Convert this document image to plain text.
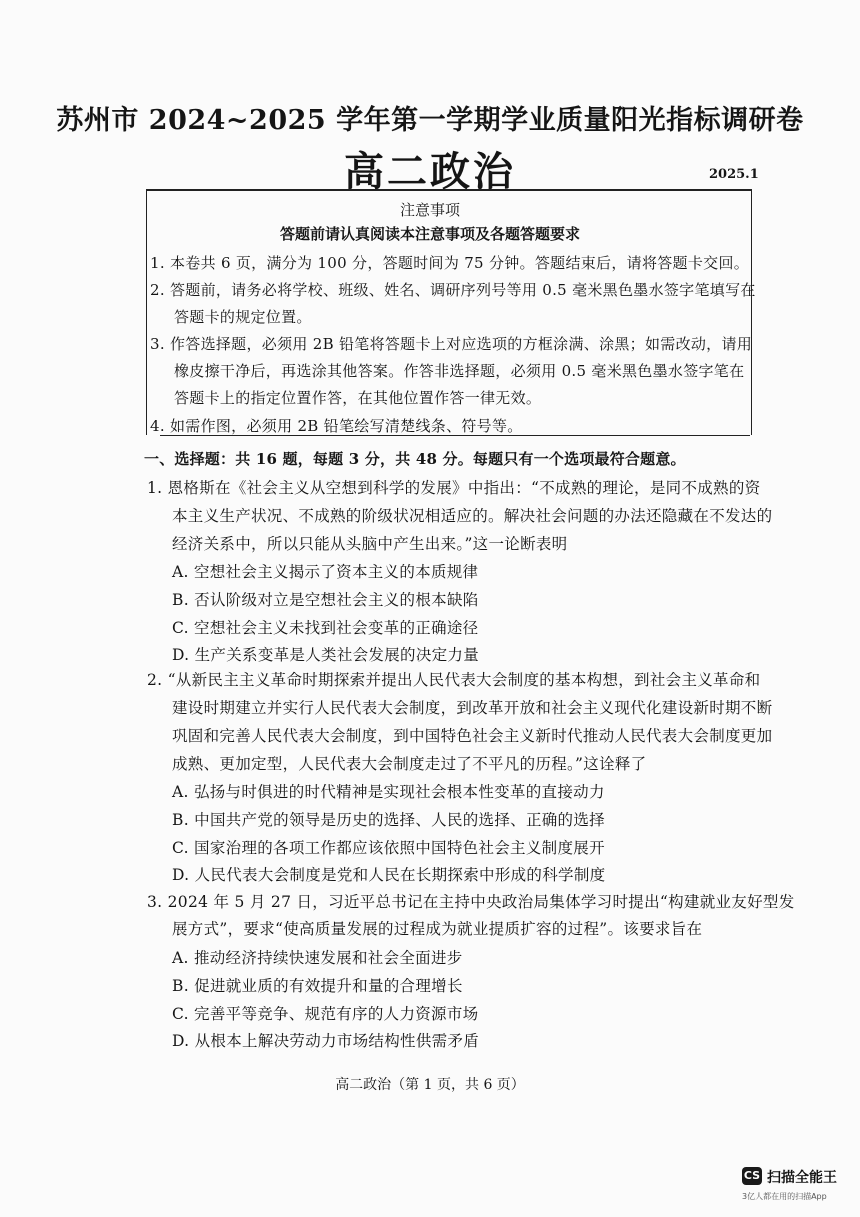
苏州市 2024~2025 学年第一学期学业质量阳光指标调研卷
高二政治	2025.1
注意事项
答题前请认真阅读本注意事项及各题答题要求
1. 本卷共 6 页，满分为 100 分，答题时间为 75 分钟。答题结束后，请将答题卡交回。
2. 答题前，请务必将学校、班级、姓名、调研序列号等用 0.5 毫米黑色墨水签字笔填写在
答题卡的规定位置。
3. 作答选择题，必须用 2B 铅笔将答题卡上对应选项的方框涂满、涂黑；如需改动，请用
橡皮擦干净后，再选涂其他答案。作答非选择题，必须用 0.5 毫米黑色墨水签字笔在
答题卡上的指定位置作答，在其他位置作答一律无效。
4. 如需作图，必须用 2B 铅笔绘写清楚线条、符号等。
一、选择题：共 16 题，每题 3 分，共 48 分。每题只有一个选项最符合题意。
1. 恩格斯在《社会主义从空想到科学的发展》中指出：“不成熟的理论，是同不成熟的资
本主义生产状况、不成熟的阶级状况相适应的。解决社会问题的办法还隐藏在不发达的
经济关系中，所以只能从头脑中产生出来。”这一论断表明
A. 空想社会主义揭示了资本主义的本质规律
B. 否认阶级对立是空想社会主义的根本缺陷
C. 空想社会主义未找到社会变革的正确途径
D. 生产关系变革是人类社会发展的决定力量
2. “从新民主主义革命时期探索并提出人民代表大会制度的基本构想，到社会主义革命和
建设时期建立并实行人民代表大会制度，到改革开放和社会主义现代化建设新时期不断
巩固和完善人民代表大会制度，到中国特色社会主义新时代推动人民代表大会制度更加
成熟、更加定型，人民代表大会制度走过了不平凡的历程。”这诠释了
A. 弘扬与时俱进的时代精神是实现社会根本性变革的直接动力
B. 中国共产党的领导是历史的选择、人民的选择、正确的选择
C. 国家治理的各项工作都应该依照中国特色社会主义制度展开
D. 人民代表大会制度是党和人民在长期探索中形成的科学制度
3. 2024 年 5 月 27 日，习近平总书记在主持中央政治局集体学习时提出“构建就业友好型发
展方式”，要求“使高质量发展的过程成为就业提质扩容的过程”。该要求旨在
A. 推动经济持续快速发展和社会全面进步
B. 促进就业质的有效提升和量的合理增长
C. 完善平等竞争、规范有序的人力资源市场
D. 从根本上解决劳动力市场结构性供需矛盾
高二政治（第 1 页，共 6 页）
CS 扫描全能王
3亿人都在用的扫描App
